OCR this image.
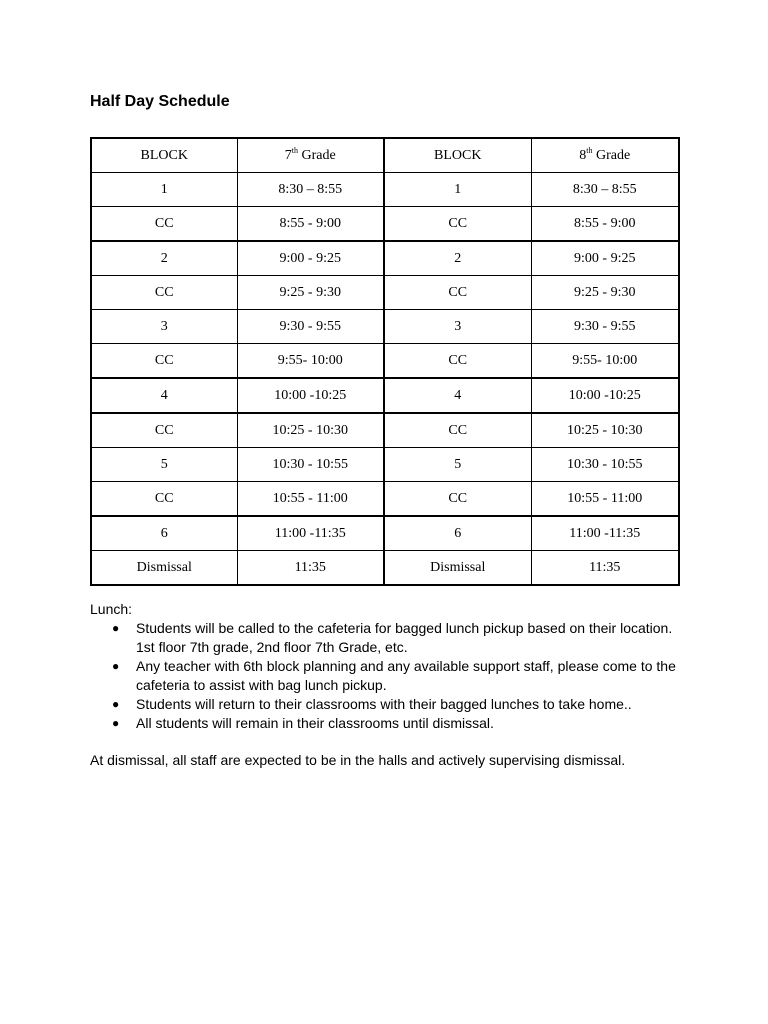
Half Day Schedule
BLOCK	7th Grade	BLOCK	8th Grade
1	8:30 – 8:55	1	8:30 – 8:55
CC	8:55 - 9:00	CC	8:55 - 9:00
2	9:00 - 9:25	2	9:00 - 9:25
CC	9:25 - 9:30	CC	9:25 - 9:30
3	9:30 - 9:55	3	9:30 - 9:55
CC	9:55- 10:00	CC	9:55- 10:00
4	10:00 -10:25	4	10:00 -10:25
CC	10:25 - 10:30	CC	10:25 - 10:30
5	10:30 - 10:55	5	10:30 - 10:55
CC	10:55 - 11:00	CC	10:55 - 11:00
6	11:00 -11:35	6	11:00 -11:35
Dismissal	11:35	Dismissal	11:35

Lunch:

● Students will be called to the cafeteria for bagged lunch pickup based on their location. 1st floor 7th grade, 2nd floor 7th Grade, etc.
● Any teacher with 6th block planning and any available support staff, please come to the cafeteria to assist with bag lunch pickup.
● Students will return to their classrooms with their bagged lunches to take home..
● All students will remain in their classrooms until dismissal.

At dismissal, all staff are expected to be in the halls and actively supervising dismissal.
